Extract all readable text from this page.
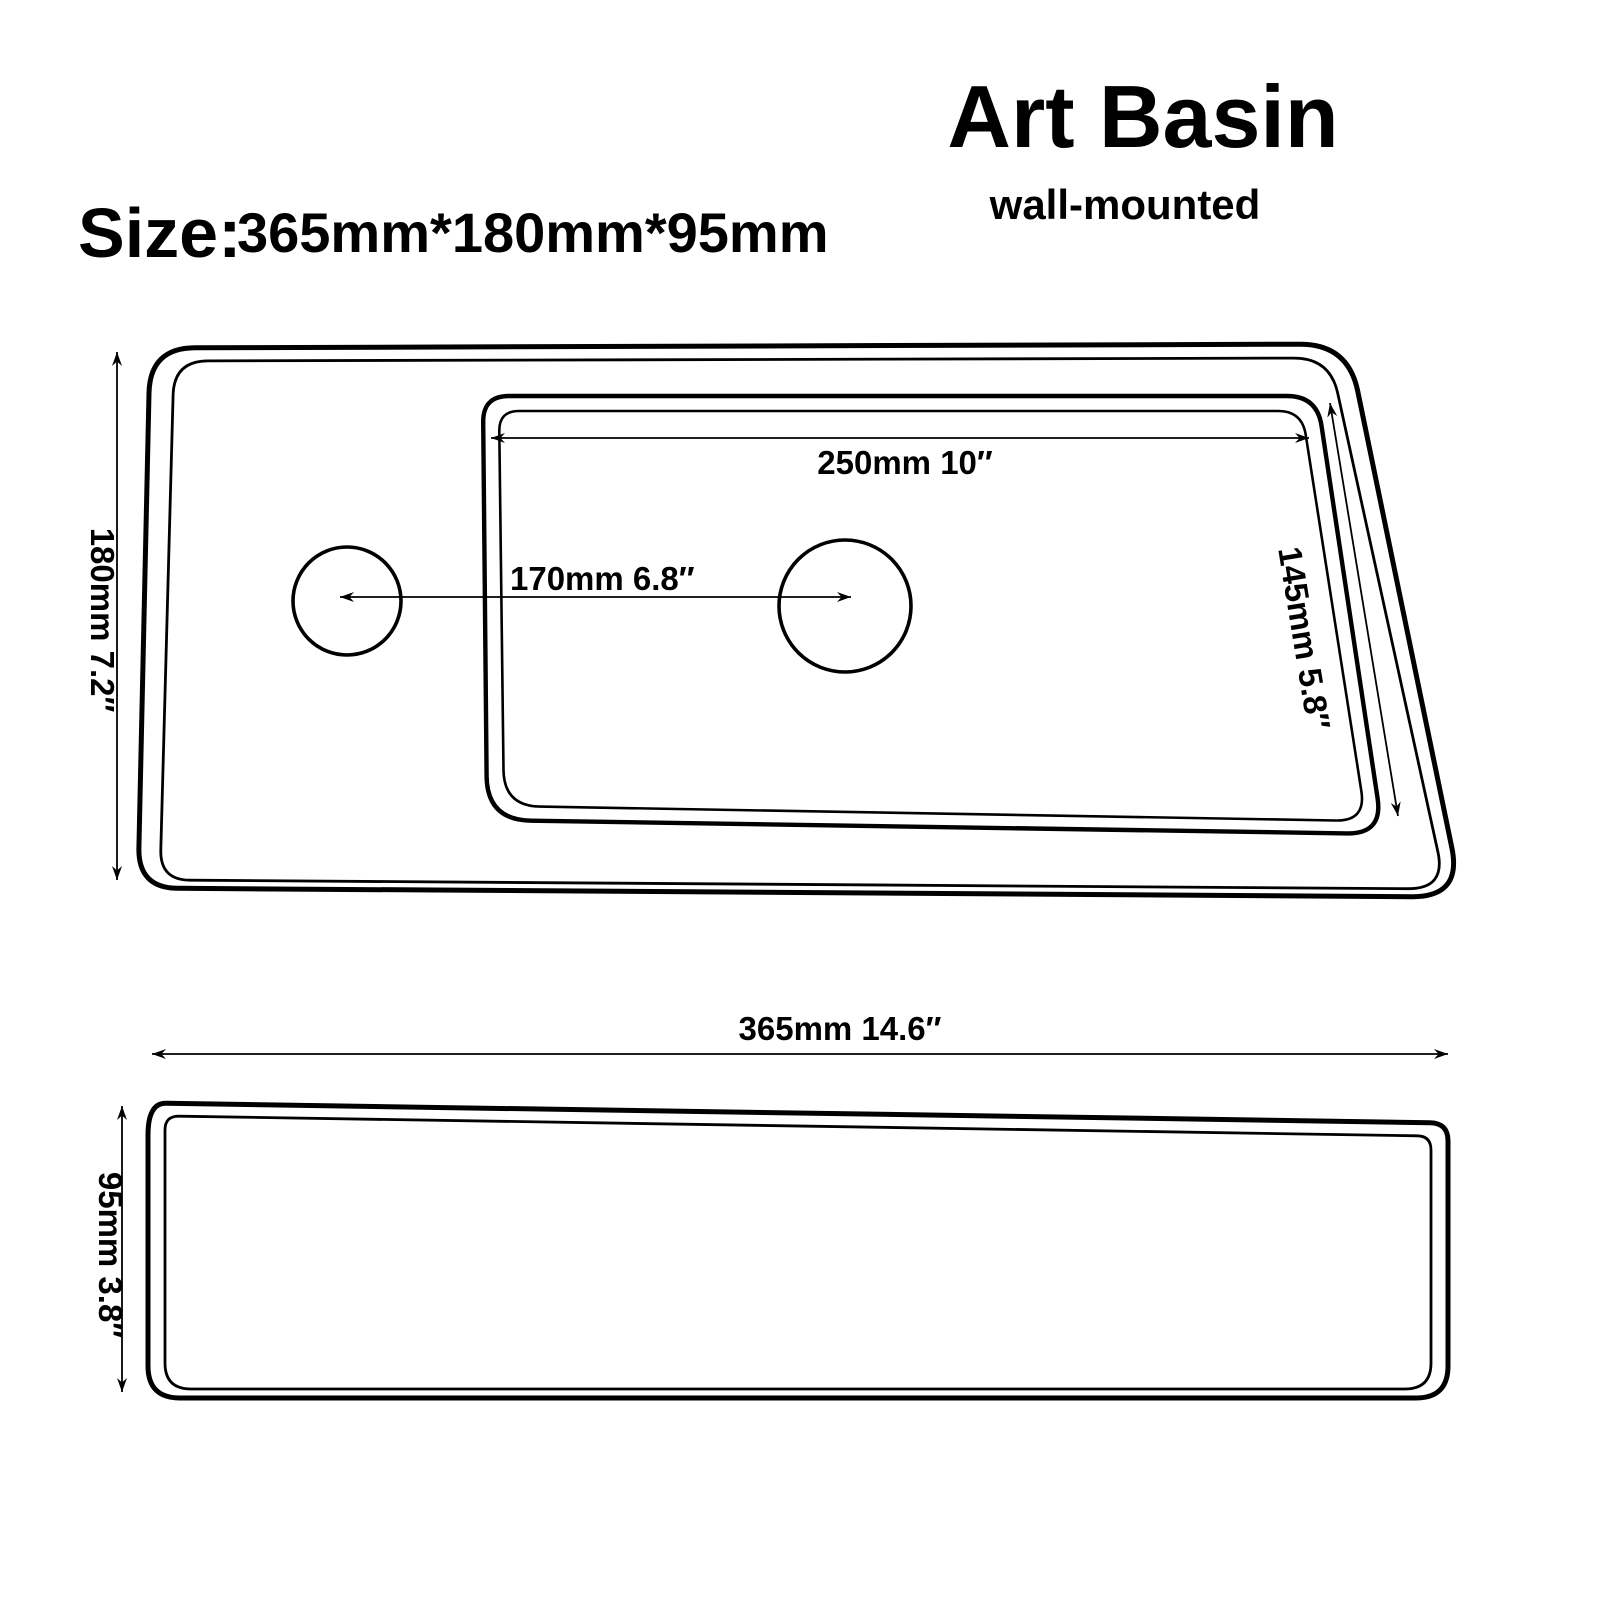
Size:
365mm*180mm*95mm
Art Basin
wall-mounted
250mm 10″
170mm 6.8″	145mm 5.8″
180mm 7.2″
365mm 14.6″
95mm 3.8″
